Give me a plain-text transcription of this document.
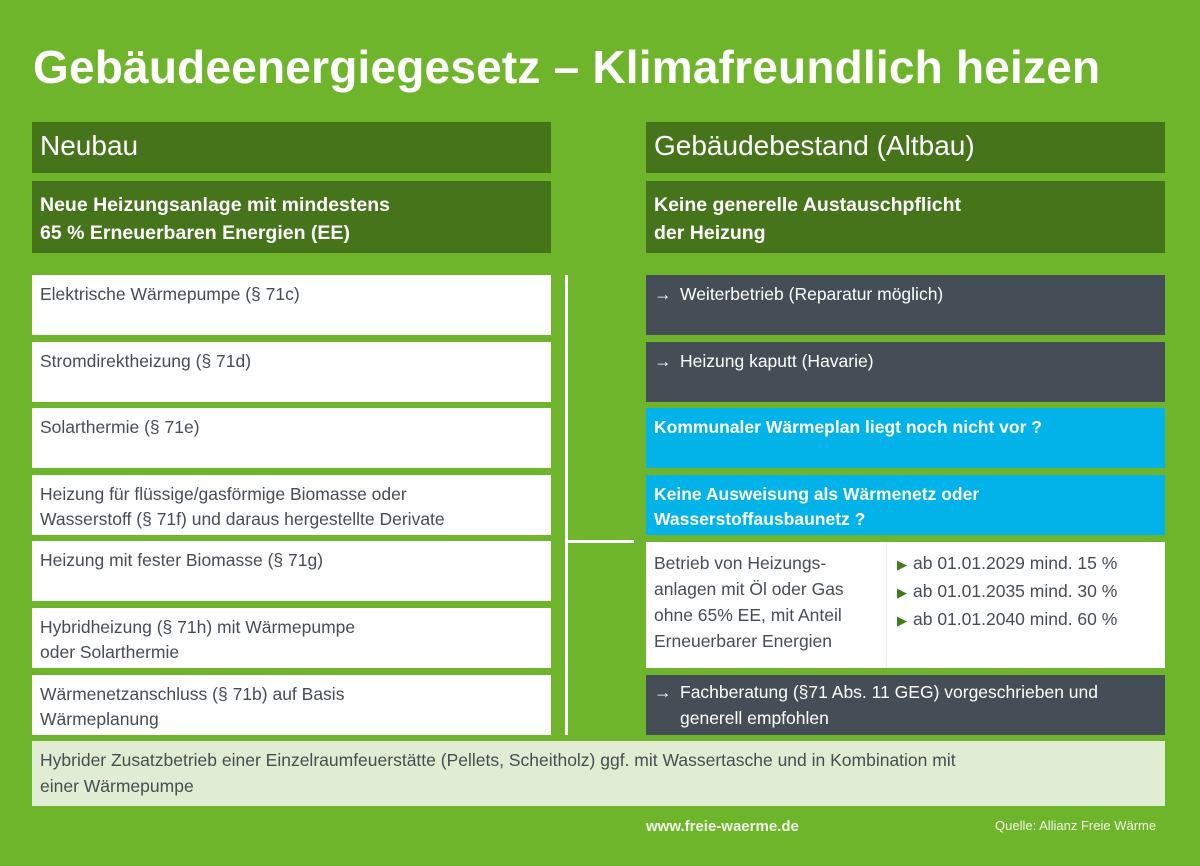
Gebäudeenergiegesetz – Klimafreundlich heizen
Neubau
Neue Heizungsanlage mit mindestens
65 % Erneuerbaren Energien (EE)
Elektrische Wärmepumpe (§ 71c)
Stromdirektheizung (§ 71d)
Solarthermie (§ 71e)
Heizung für flüssige/gasförmige Biomasse oder
Wasserstoff (§ 71f) und daraus hergestellte Derivate
Heizung mit fester Biomasse (§ 71g)
Hybridheizung (§ 71h) mit Wärmepumpe
oder Solarthermie
Wärmenetzanschluss (§ 71b) auf Basis
Wärmeplanung
Gebäudebestand (Altbau)
Keine generelle Austauschpflicht
der Heizung
→ Weiterbetrieb (Reparatur möglich)
→ Heizung kaputt (Havarie)
Kommunaler Wärmeplan liegt noch nicht vor ?
Keine Ausweisung als Wärmenetz oder
Wasserstoffausbaunetz ?
Betrieb von Heizungs-
anlagen mit Öl oder Gas
ohne 65% EE, mit Anteil
Erneuerbarer Energien
▶ ab 01.01.2029 mind. 15 %
▶ ab 01.01.2035 mind. 30 %
▶ ab 01.01.2040 mind. 60 %
→ Fachberatung (§71 Abs. 11 GEG) vorgeschrieben und
generell empfohlen
Hybrider Zusatzbetrieb einer Einzelraumfeuerstätte (Pellets, Scheitholz) ggf. mit Wassertasche und in Kombination mit
einer Wärmepumpe
www.freie-waerme.de	Quelle: Allianz Freie Wärme
